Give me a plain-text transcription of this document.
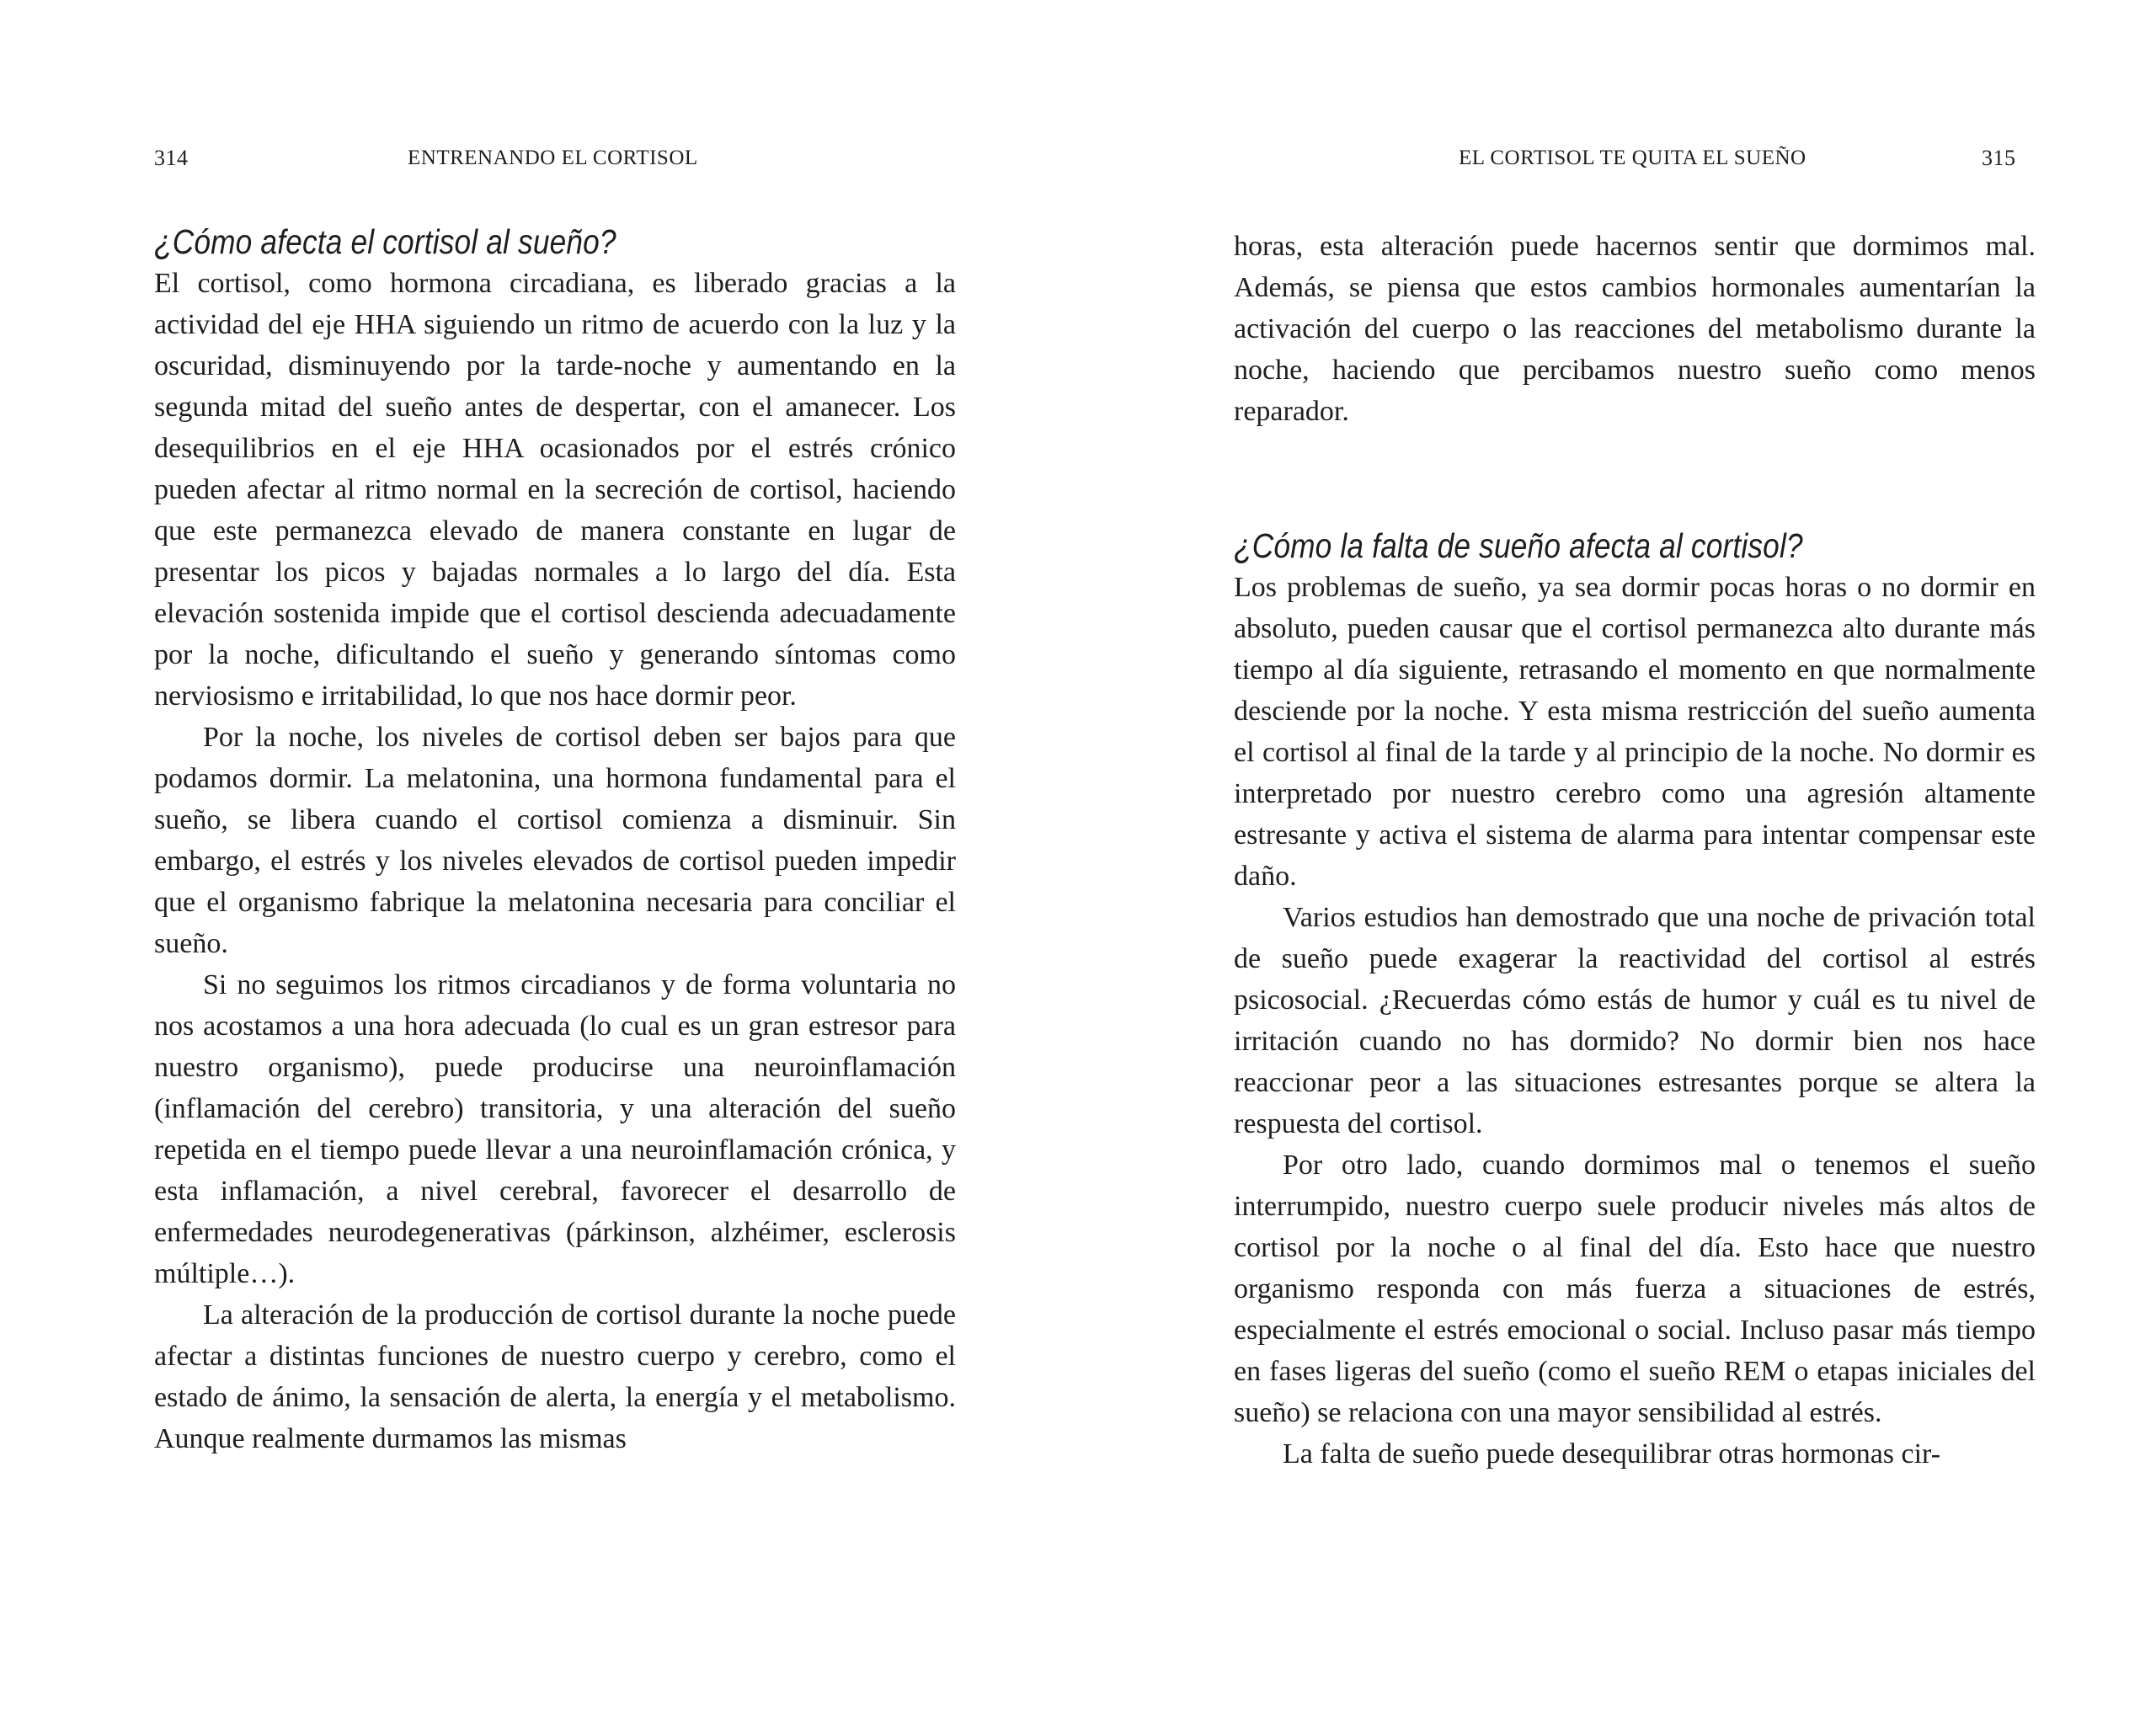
314	ENTRENANDO EL CORTISOL
¿Cómo afecta el cortisol al sueño?

El cortisol, como hormona circadiana, es liberado gracias a la actividad del eje HHA siguiendo un ritmo de acuerdo con la luz y la oscuridad, disminuyendo por la tarde-noche y aumentando en la segunda mitad del sueño antes de despertar, con el amanecer. Los desequilibrios en el eje HHA ocasionados por el estrés crónico pueden afectar al ritmo normal en la secreción de cortisol, haciendo que este permanezca elevado de manera constante en lugar de presentar los picos y bajadas normales a lo largo del día. Esta elevación sostenida impide que el cortisol descienda adecuadamente por la noche, dificultando el sueño y generando síntomas como nerviosismo e irritabilidad, lo que nos hace dormir peor.

Por la noche, los niveles de cortisol deben ser bajos para que podamos dormir. La melatonina, una hormona fundamental para el sueño, se libera cuando el cortisol comienza a disminuir. Sin embargo, el estrés y los niveles elevados de cortisol pueden impedir que el organismo fabrique la melatonina necesaria para conciliar el sueño.

Si no seguimos los ritmos circadianos y de forma voluntaria no nos acostamos a una hora adecuada (lo cual es un gran estresor para nuestro organismo), puede producirse una neuroinflamación (inflamación del cerebro) transitoria, y una alteración del sueño repetida en el tiempo puede llevar a una neuroinflamación crónica, y esta inflamación, a nivel cerebral, favorecer el desarrollo de enfermedades neurodegenerativas (párkinson, alzhéimer, esclerosis múltiple…).

La alteración de la producción de cortisol durante la noche puede afectar a distintas funciones de nuestro cuerpo y cerebro, como el estado de ánimo, la sensación de alerta, la energía y el metabolismo. Aunque realmente durmamos las mismas

EL CORTISOL TE QUITA EL SUEÑO	315

horas, esta alteración puede hacernos sentir que dormimos mal. Además, se piensa que estos cambios hormonales aumentarían la activación del cuerpo o las reacciones del metabolismo durante la noche, haciendo que percibamos nuestro sueño como menos reparador.

¿Cómo la falta de sueño afecta al cortisol?

Los problemas de sueño, ya sea dormir pocas horas o no dormir en absoluto, pueden causar que el cortisol permanezca alto durante más tiempo al día siguiente, retrasando el momento en que normalmente desciende por la noche. Y esta misma restricción del sueño aumenta el cortisol al final de la tarde y al principio de la noche. No dormir es interpretado por nuestro cerebro como una agresión altamente estresante y activa el sistema de alarma para intentar compensar este daño.

Varios estudios han demostrado que una noche de privación total de sueño puede exagerar la reactividad del cortisol al estrés psicosocial. ¿Recuerdas cómo estás de humor y cuál es tu nivel de irritación cuando no has dormido? No dormir bien nos hace reaccionar peor a las situaciones estresantes porque se altera la respuesta del cortisol.

Por otro lado, cuando dormimos mal o tenemos el sueño interrumpido, nuestro cuerpo suele producir niveles más altos de cortisol por la noche o al final del día. Esto hace que nuestro organismo responda con más fuerza a situaciones de estrés, especialmente el estrés emocional o social. Incluso pasar más tiempo en fases ligeras del sueño (como el sueño REM o etapas iniciales del sueño) se relaciona con una mayor sensibilidad al estrés.

La falta de sueño puede desequilibrar otras hormonas cir-
